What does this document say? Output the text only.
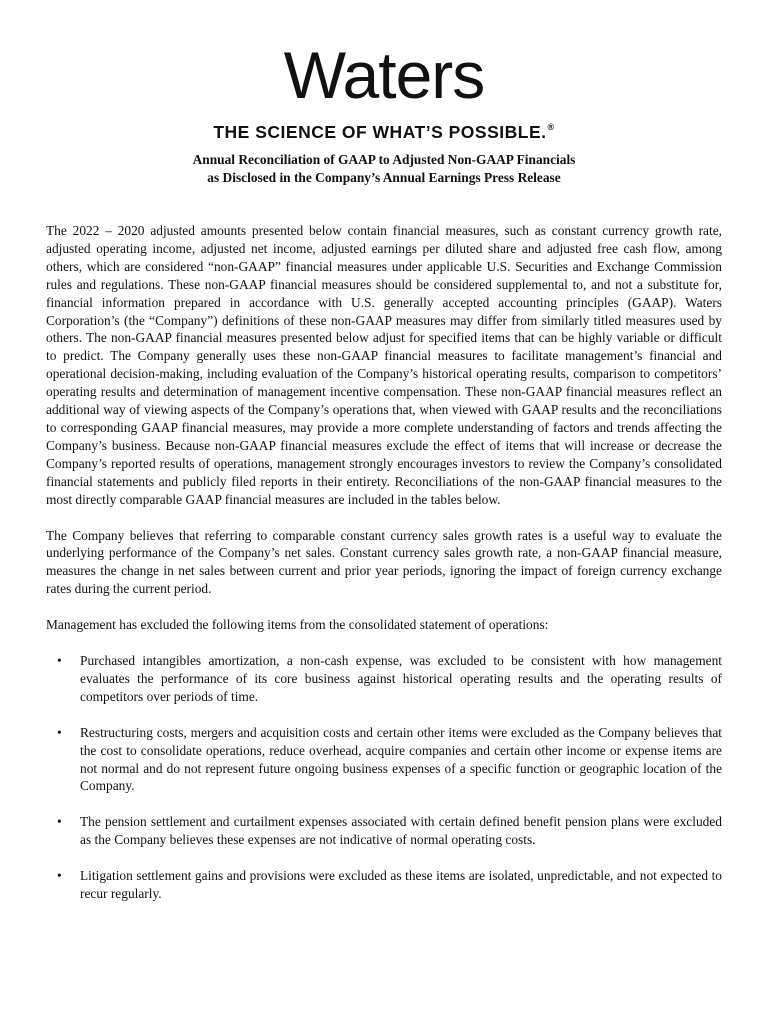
Waters
THE SCIENCE OF WHAT’S POSSIBLE.®
Annual Reconciliation of GAAP to Adjusted Non-GAAP Financials
as Disclosed in the Company’s Annual Earnings Press Release

The 2022 – 2020 adjusted amounts presented below contain financial measures, such as constant currency growth rate, adjusted operating income, adjusted net income, adjusted earnings per diluted share and adjusted free cash flow, among others, which are considered “non-GAAP” financial measures under applicable U.S. Securities and Exchange Commission rules and regulations. These non-GAAP financial measures should be considered supplemental to, and not a substitute for, financial information prepared in accordance with U.S. generally accepted accounting principles (GAAP). Waters Corporation’s (the “Company”) definitions of these non-GAAP measures may differ from similarly titled measures used by others. The non-GAAP financial measures presented below adjust for specified items that can be highly variable or difficult to predict. The Company generally uses these non-GAAP financial measures to facilitate management’s financial and operational decision-making, including evaluation of the Company’s historical operating results, comparison to competitors’ operating results and determination of management incentive compensation. These non-GAAP financial measures reflect an additional way of viewing aspects of the Company’s operations that, when viewed with GAAP results and the reconciliations to corresponding GAAP financial measures, may provide a more complete understanding of factors and trends affecting the Company’s business. Because non-GAAP financial measures exclude the effect of items that will increase or decrease the Company’s reported results of operations, management strongly encourages investors to review the Company’s consolidated financial statements and publicly filed reports in their entirety. Reconciliations of the non-GAAP financial measures to the most directly comparable GAAP financial measures are included in the tables below.

The Company believes that referring to comparable constant currency sales growth rates is a useful way to evaluate the underlying performance of the Company’s net sales. Constant currency sales growth rate, a non-GAAP financial measure, measures the change in net sales between current and prior year periods, ignoring the impact of foreign currency exchange rates during the current period.

Management has excluded the following items from the consolidated statement of operations:

• Purchased intangibles amortization, a non-cash expense, was excluded to be consistent with how management evaluates the performance of its core business against historical operating results and the operating results of competitors over periods of time.
• Restructuring costs, mergers and acquisition costs and certain other items were excluded as the Company believes that the cost to consolidate operations, reduce overhead, acquire companies and certain other income or expense items are not normal and do not represent future ongoing business expenses of a specific function or geographic location of the Company.
• The pension settlement and curtailment expenses associated with certain defined benefit pension plans were excluded as the Company believes these expenses are not indicative of normal operating costs.
• Litigation settlement gains and provisions were excluded as these items are isolated, unpredictable, and not expected to recur regularly.
